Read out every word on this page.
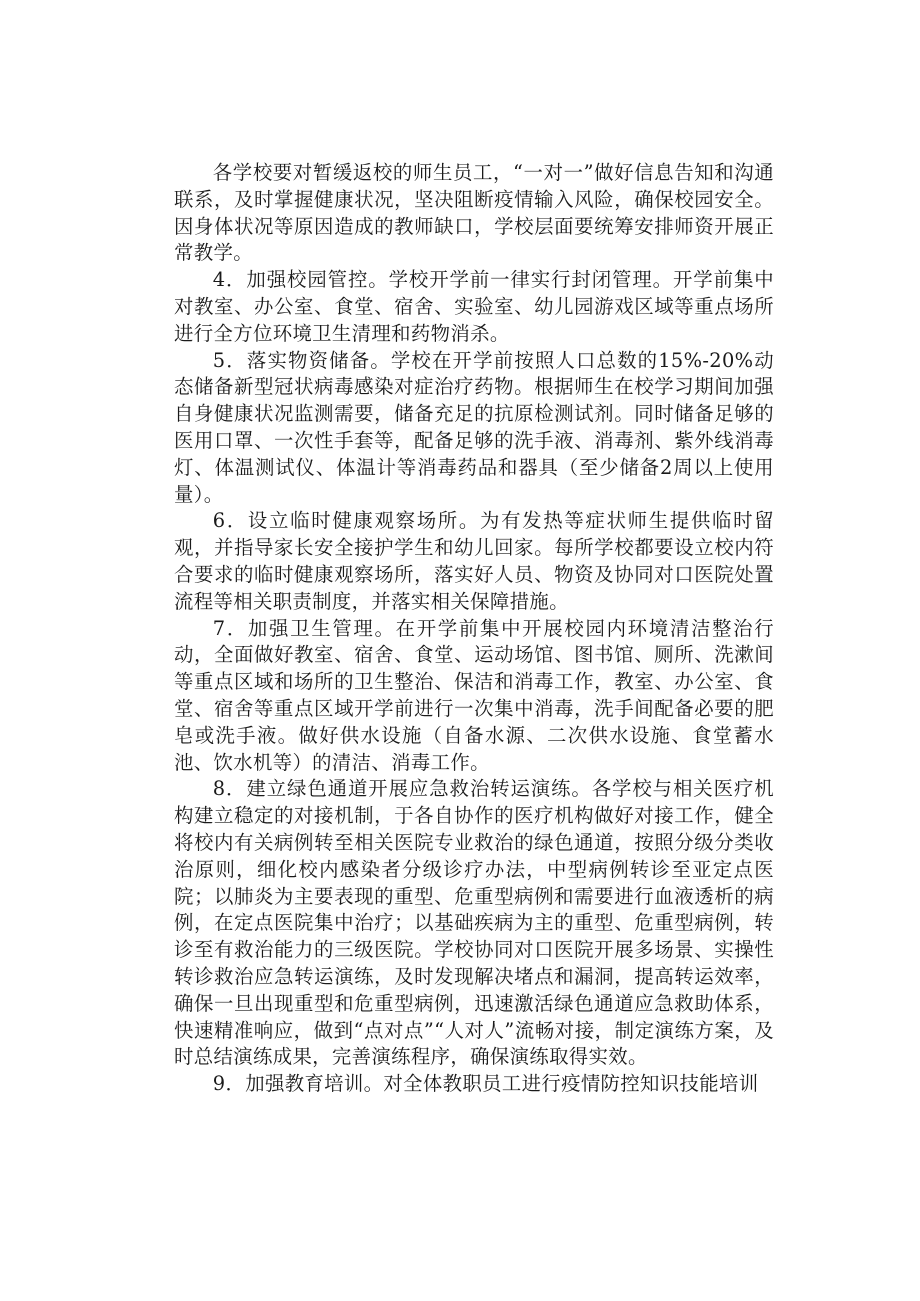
各学校要对暂缓返校的师生员工，“一对一”做好信息告知和沟通联系，及时掌握健康状况，坚决阻断疫情输入风险，确保校园安全。因身体状况等原因造成的教师缺口，学校层面要统筹安排师资开展正常教学。

4．加强校园管控。学校开学前一律实行封闭管理。开学前集中对教室、办公室、食堂、宿舍、实验室、幼儿园游戏区域等重点场所进行全方位环境卫生清理和药物消杀。

5．落实物资储备。学校在开学前按照人口总数的15%-20%动态储备新型冠状病毒感染对症治疗药物。根据师生在校学习期间加强自身健康状况监测需要，储备充足的抗原检测试剂。同时储备足够的医用口罩、一次性手套等，配备足够的洗手液、消毒剂、紫外线消毒灯、体温测试仪、体温计等消毒药品和器具（至少储备2周以上使用量）。

6．设立临时健康观察场所。为有发热等症状师生提供临时留观，并指导家长安全接护学生和幼儿回家。每所学校都要设立校内符合要求的临时健康观察场所，落实好人员、物资及协同对口医院处置流程等相关职责制度，并落实相关保障措施。

7．加强卫生管理。在开学前集中开展校园内环境清洁整治行动，全面做好教室、宿舍、食堂、运动场馆、图书馆、厕所、洗漱间等重点区域和场所的卫生整治、保洁和消毒工作，教室、办公室、食堂、宿舍等重点区域开学前进行一次集中消毒，洗手间配备必要的肥皂或洗手液。做好供水设施（自备水源、二次供水设施、食堂蓄水池、饮水机等）的清洁、消毒工作。

8．建立绿色通道开展应急救治转运演练。各学校与相关医疗机构建立稳定的对接机制，于各自协作的医疗机构做好对接工作，健全将校内有关病例转至相关医院专业救治的绿色通道，按照分级分类收治原则，细化校内感染者分级诊疗办法，中型病例转诊至亚定点医院；以肺炎为主要表现的重型、危重型病例和需要进行血液透析的病例，在定点医院集中治疗；以基础疾病为主的重型、危重型病例，转诊至有救治能力的三级医院。学校协同对口医院开展多场景、实操性转诊救治应急转运演练，及时发现解决堵点和漏洞，提高转运效率，确保一旦出现重型和危重型病例，迅速激活绿色通道应急救助体系，快速精准响应，做到“点对点”“人对人”流畅对接，制定演练方案，及时总结演练成果，完善演练程序，确保演练取得实效。

9．加强教育培训。对全体教职员工进行疫情防控知识技能培训
